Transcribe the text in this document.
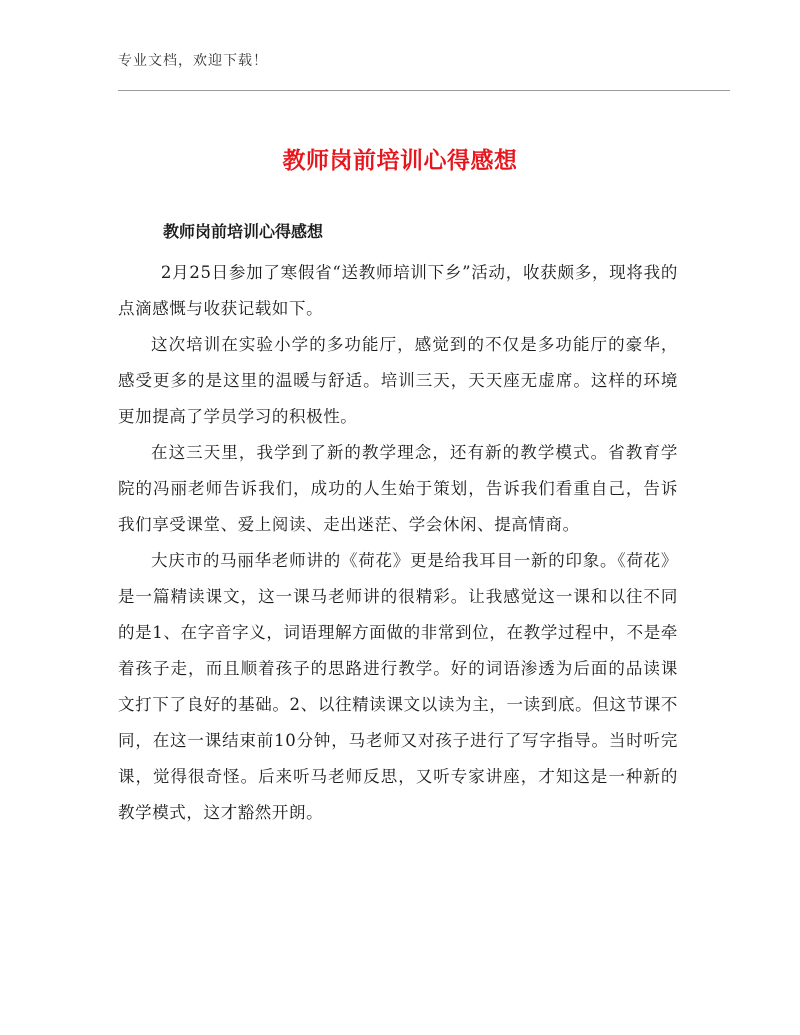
专业文档，欢迎下载！
教师岗前培训心得感想
教师岗前培训心得感想

2月25日参加了寒假省“送教师培训下乡”活动，收获颇多，现将我的点滴感慨与收获记载如下。

这次培训在实验小学的多功能厅，感觉到的不仅是多功能厅的豪华，感受更多的是这里的温暖与舒适。培训三天，天天座无虚席。这样的环境更加提高了学员学习的积极性。

在这三天里，我学到了新的教学理念，还有新的教学模式。省教育学院的冯丽老师告诉我们，成功的人生始于策划，告诉我们看重自己，告诉我们享受课堂、爱上阅读、走出迷茫、学会休闲、提高情商。

大庆市的马丽华老师讲的《荷花》更是给我耳目一新的印象。《荷花》是一篇精读课文，这一课马老师讲的很精彩。让我感觉这一课和以往不同的是1、在字音字义，词语理解方面做的非常到位，在教学过程中，不是牵着孩子走，而且顺着孩子的思路进行教学。好的词语渗透为后面的品读课文打下了良好的基础。2、以往精读课文以读为主，一读到底。但这节课不同，在这一课结束前10分钟，马老师又对孩子进行了写字指导。当时听完课，觉得很奇怪。后来听马老师反思，又听专家讲座，才知这是一种新的教学模式，这才豁然开朗。
